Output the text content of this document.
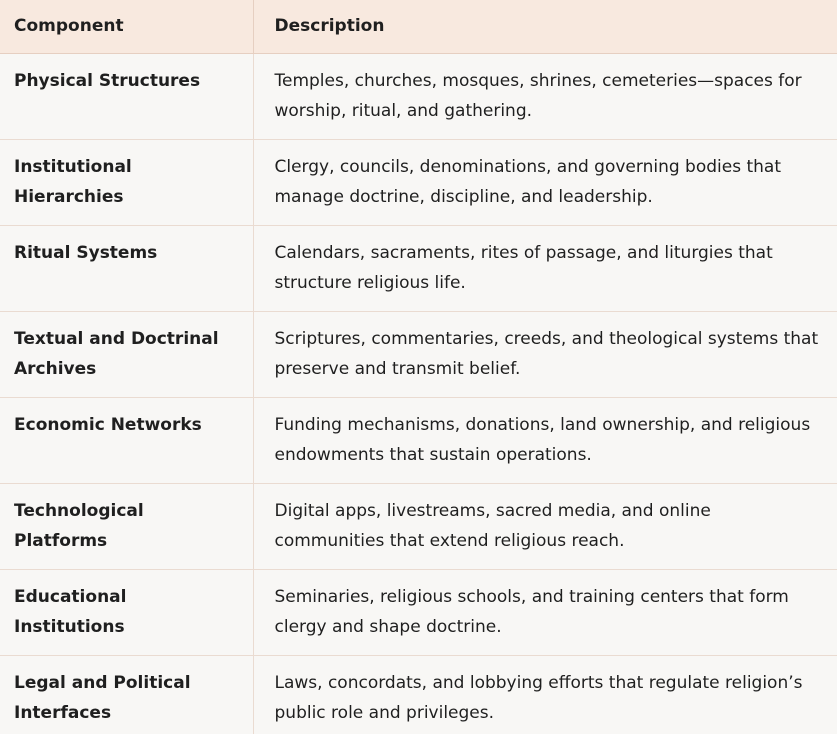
Component	Description
Physical Structures	Temples, churches, mosques, shrines, cemeteries—spaces for worship, ritual, and gathering.
Institutional Hierarchies	Clergy, councils, denominations, and governing bodies that manage doctrine, discipline, and leadership.
Ritual Systems	Calendars, sacraments, rites of passage, and liturgies that structure religious life.
Textual and Doctrinal Archives	Scriptures, commentaries, creeds, and theological systems that preserve and transmit belief.
Economic Networks	Funding mechanisms, donations, land ownership, and religious endowments that sustain operations.
Technological Platforms	Digital apps, livestreams, sacred media, and online communities that extend religious reach.
Educational Institutions	Seminaries, religious schools, and training centers that form clergy and shape doctrine.
Legal and Political Interfaces	Laws, concordats, and lobbying efforts that regulate religion’s public role and privileges.
